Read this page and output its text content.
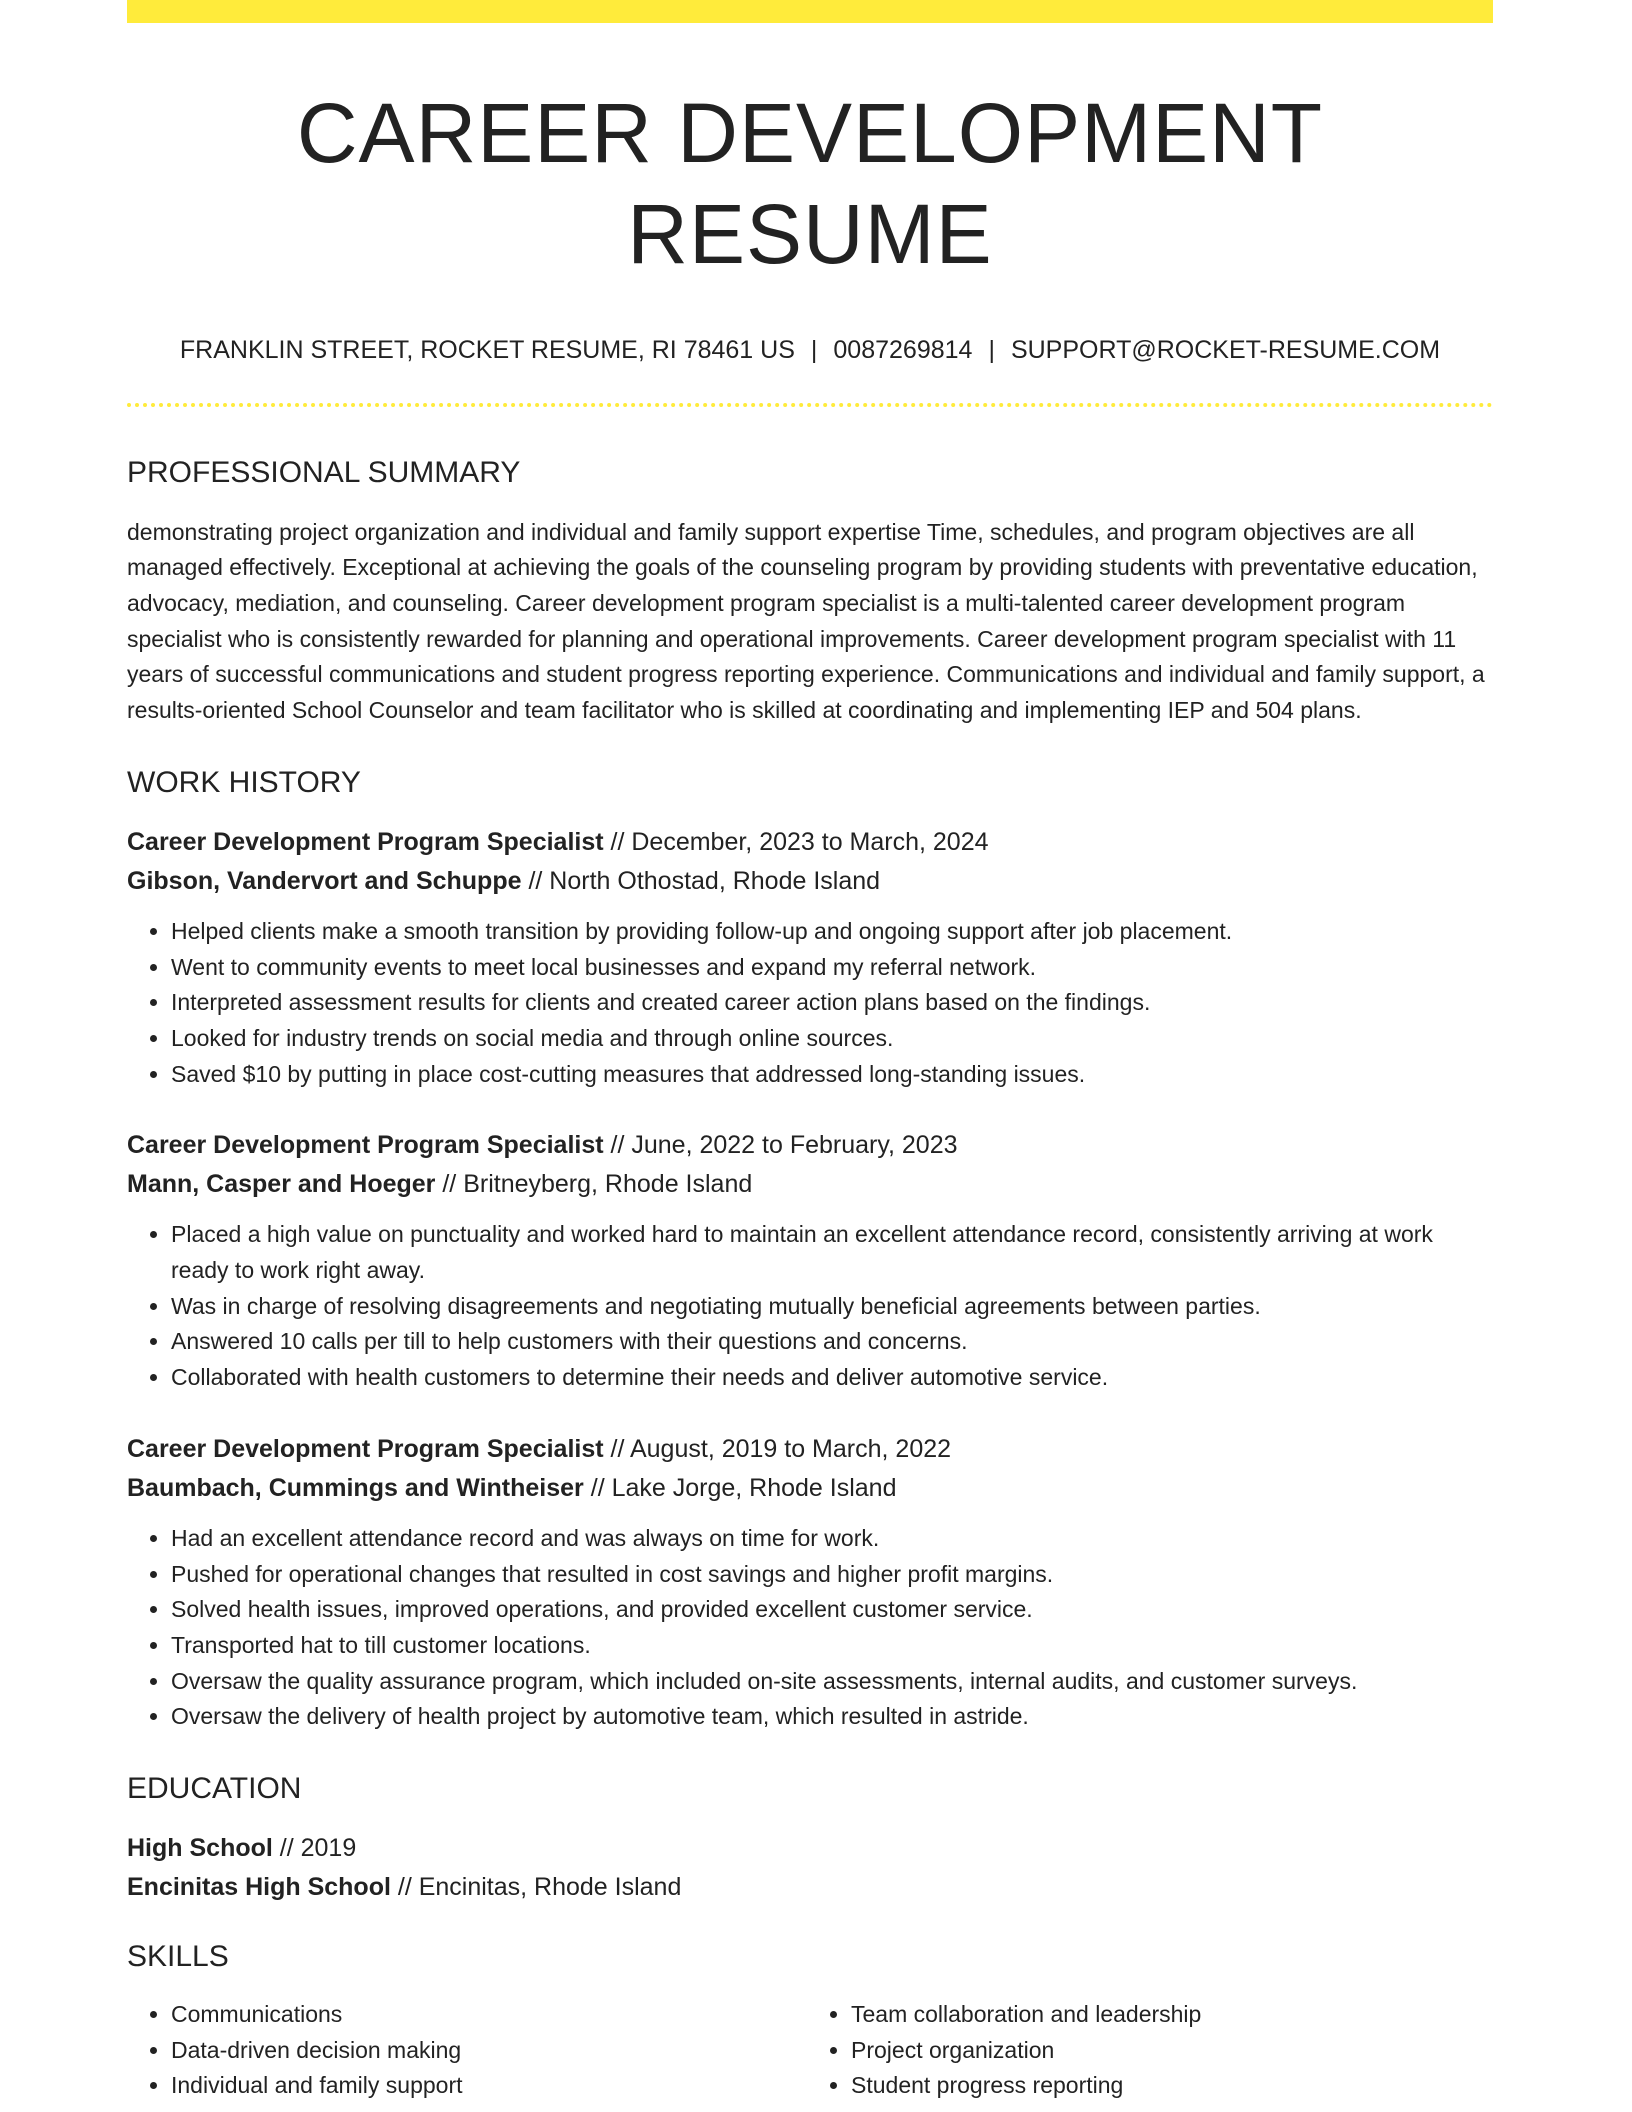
CAREER DEVELOPMENT RESUME
FRANKLIN STREET, ROCKET RESUME, RI 78461 US | 0087269814 | SUPPORT@ROCKET-RESUME.COM
PROFESSIONAL SUMMARY

demonstrating project organization and individual and family support expertise Time, schedules, and program objectives are all managed effectively. Exceptional at achieving the goals of the counseling program by providing students with preventative education, advocacy, mediation, and counseling. Career development program specialist is a multi-talented career development program specialist who is consistently rewarded for planning and operational improvements. Career development program specialist with 11 years of successful communications and student progress reporting experience. Communications and individual and family support, a results-oriented School Counselor and team facilitator who is skilled at coordinating and implementing IEP and 504 plans.

WORK HISTORY
Career Development Program Specialist // December, 2023 to March, 2024
Gibson, Vandervort and Schuppe // North Othostad, Rhode Island
• Helped clients make a smooth transition by providing follow-up and ongoing support after job placement.
• Went to community events to meet local businesses and expand my referral network.
• Interpreted assessment results for clients and created career action plans based on the findings.
• Looked for industry trends on social media and through online sources.
• Saved $10 by putting in place cost-cutting measures that addressed long-standing issues.
Career Development Program Specialist // June, 2022 to February, 2023
Mann, Casper and Hoeger // Britneyberg, Rhode Island
• Placed a high value on punctuality and worked hard to maintain an excellent attendance record, consistently arriving at work ready to work right away.
• Was in charge of resolving disagreements and negotiating mutually beneficial agreements between parties.
• Answered 10 calls per till to help customers with their questions and concerns.
• Collaborated with health customers to determine their needs and deliver automotive service.
Career Development Program Specialist // August, 2019 to March, 2022
Baumbach, Cummings and Wintheiser // Lake Jorge, Rhode Island
• Had an excellent attendance record and was always on time for work.
• Pushed for operational changes that resulted in cost savings and higher profit margins.
• Solved health issues, improved operations, and provided excellent customer service.
• Transported hat to till customer locations.
• Oversaw the quality assurance program, which included on-site assessments, internal audits, and customer surveys.
• Oversaw the delivery of health project by automotive team, which resulted in astride.
EDUCATION
High School // 2019
Encinitas High School // Encinitas, Rhode Island
SKILLS
• Communications
• Data-driven decision making
• Individual and family support
• Team collaboration and leadership
• Project organization
• Student progress reporting
